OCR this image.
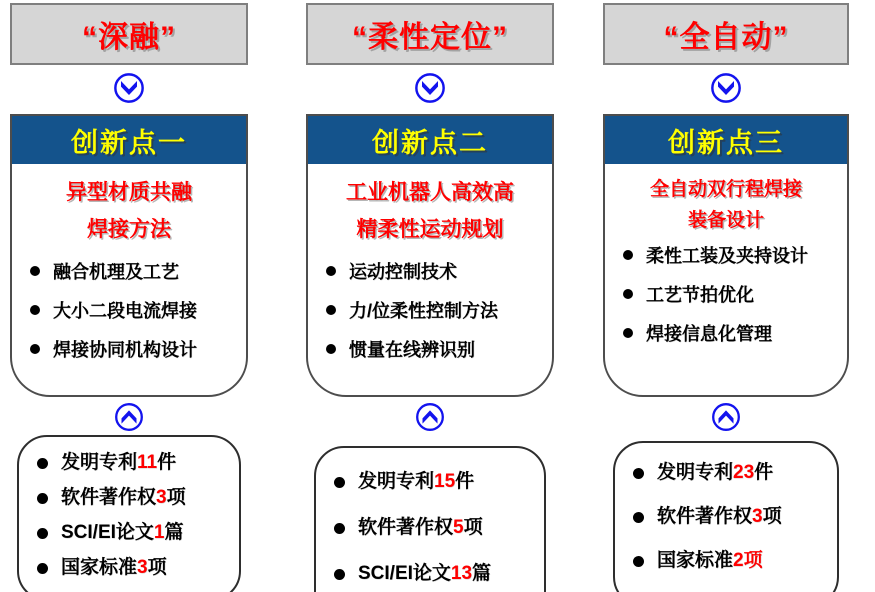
“深融”
创新点一
异型材质共融
焊接方法
融合机理及工艺
大小二段电流焊接
焊接协同机构设计
发明专利 11 件
软件著作权 3 项
SCI/EI论文 1 篇
国家标准 3 项
“柔性定位”
创新点二
工业机器人高效高
精柔性运动规划
运动控制技术
力/位柔性控制方法
惯量在线辨识别
发明专利 15 件
软件著作权 5 项
SCI/EI论文 13 篇
“全自动”
创新点三
全自动双行程焊接
装备设计
柔性工装及夹持设计
工艺节拍优化
焊接信息化管理
发明专利 23 件
软件著作权 3 项
国家标准 2项
